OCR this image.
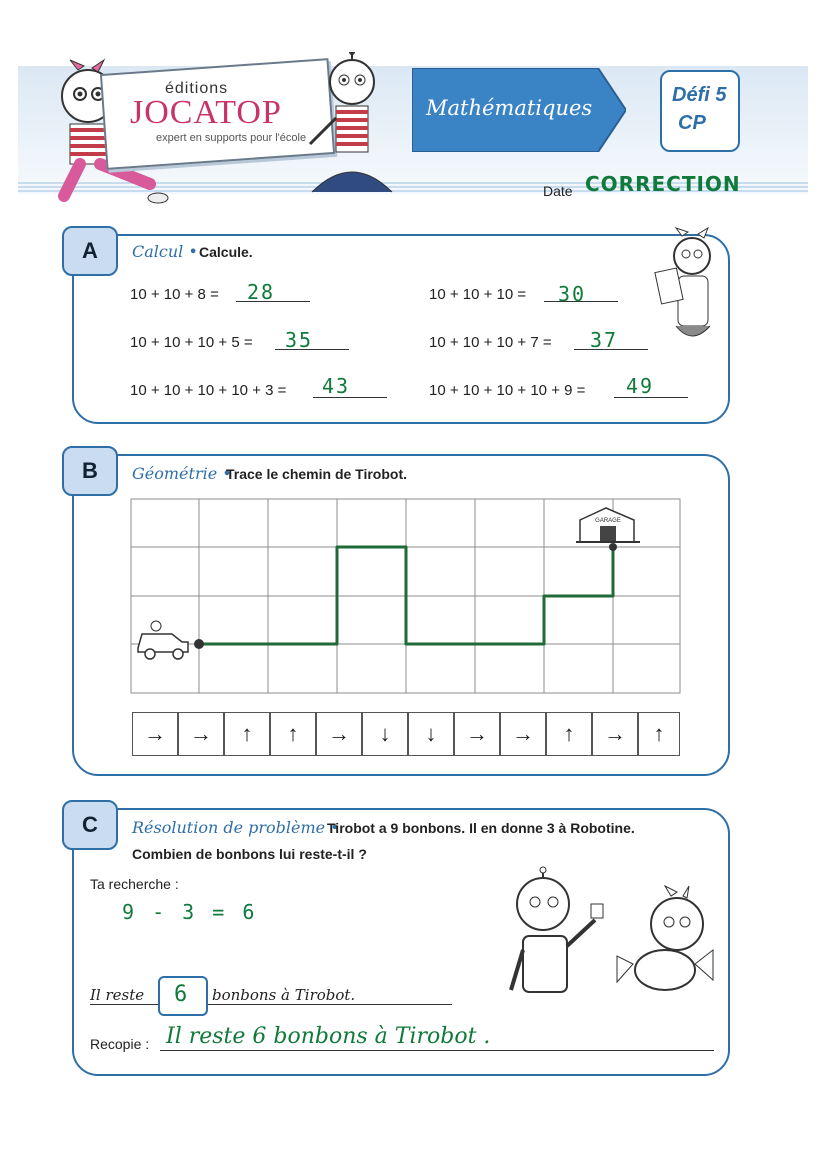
éditions
JOCATOP
expert en supports pour l'école
Mathématiques
Défi 5
CP
Date CORRECTION
A	Calcul • Calcule.
10 + 10 + 8 = 28	10 + 10 + 10 = 30
10 + 10 + 10 + 5 = 35	10 + 10 + 10 + 7 = 37
10 + 10 + 10 + 10 + 3 = 43	10 + 10 + 10 + 10 + 9 = 49
B	Géométrie •
Trace le chemin de Tirobot.
GARAGE
→	→	↑	↑	→	↓	↓	→	→	↑	→	↑
C	Résolution de problème •
Tirobot a 9 bonbons. Il en donne 3 à Robotine.
Combien de bonbons lui reste-t-il ?
Ta recherche :
9 - 3 = 6
Il reste 6 bonbons à Tirobot.
Recopie : Il reste 6 bonbons à Tirobot .
